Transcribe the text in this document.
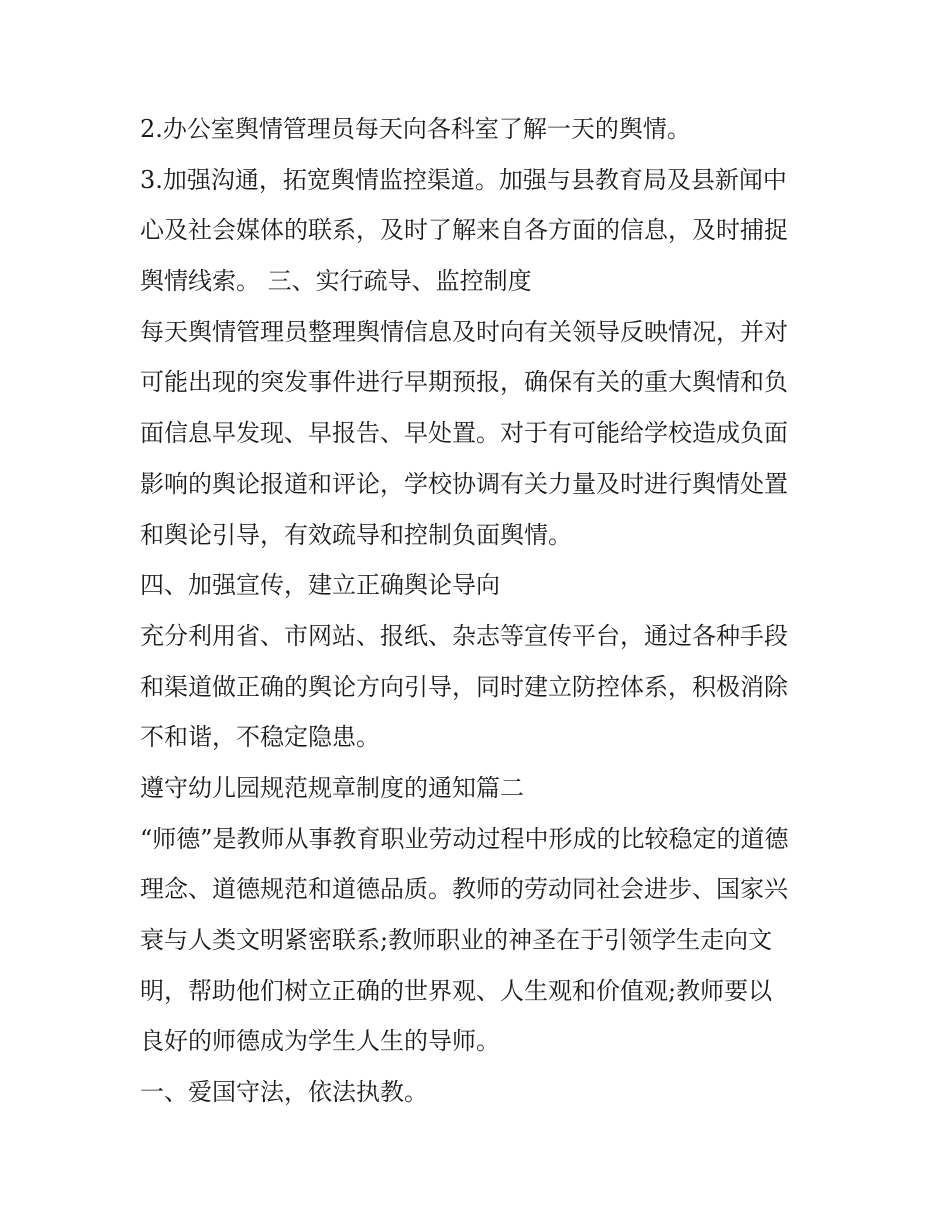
2.办公室舆情管理员每天向各科室了解一天的舆情。
3.加强沟通，拓宽舆情监控渠道。加强与县教育局及县新闻中
心及社会媒体的联系，及时了解来自各方面的信息，及时捕捉
舆情线索。 三、实行疏导、监控制度
每天舆情管理员整理舆情信息及时向有关领导反映情况，并对
可能出现的突发事件进行早期预报，确保有关的重大舆情和负
面信息早发现、早报告、早处置。对于有可能给学校造成负面
影响的舆论报道和评论，学校协调有关力量及时进行舆情处置
和舆论引导，有效疏导和控制负面舆情。
四、加强宣传，建立正确舆论导向
充分利用省、市网站、报纸、杂志等宣传平台，通过各种手段
和渠道做正确的舆论方向引导，同时建立防控体系，积极消除
不和谐，不稳定隐患。
遵守幼儿园规范规章制度的通知篇二
“师德”是教师从事教育职业劳动过程中形成的比较稳定的道德
理念、道德规范和道德品质。教师的劳动同社会进步、国家兴
衰与人类文明紧密联系;教师职业的神圣在于引领学生走向文
明，帮助他们树立正确的世界观、人生观和价值观;教师要以
良好的师德成为学生人生的导师。
一、爱国守法，依法执教。
